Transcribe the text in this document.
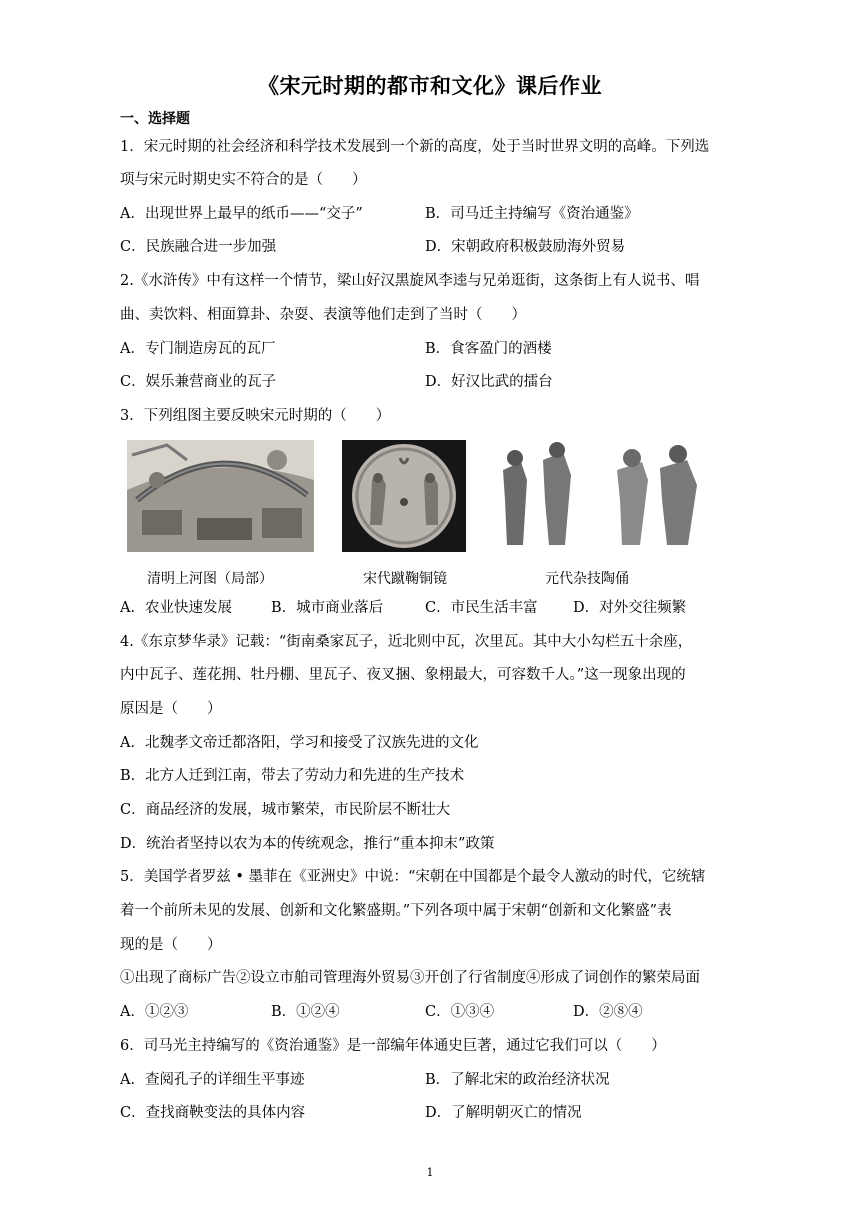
《宋元时期的都市和文化》课后作业
一、选择题
1．宋元时期的社会经济和科学技术发展到一个新的高度，处于当时世界文明的高峰。下列选
项与宋元时期史实不符合的是（　　）
A．出现世界上最早的纸币——“交子”	B．司马迁主持编写《资治通鉴》
C．民族融合进一步加强	D．宋朝政府积极鼓励海外贸易
2.《水浒传》中有这样一个情节，梁山好汉黑旋风李逵与兄弟逛街，这条街上有人说书、唱
曲、卖饮料、相面算卦、杂耍、表演等他们走到了当时（　　）
A．专门制造房瓦的瓦厂	B．食客盈门的酒楼
C．娱乐兼营商业的瓦子	D．好汉比武的擂台
3．下列组图主要反映宋元时期的（　　）
清明上河图（局部）	宋代蹴鞠铜镜	元代杂技陶俑
A．农业快速发展	B．城市商业落后	C．市民生活丰富 D．对外交往频繁
4.《东京梦华录》记载：“街南桑家瓦子，近北则中瓦，次里瓦。其中大小勾栏五十余座，
内中瓦子、莲花拥、牡丹棚、里瓦子、夜叉捆、象栩最大，可容数千人。”这一现象出现的
原因是（　　）
A．北魏孝文帝迁都洛阳，学习和接受了汉族先进的文化
B．北方人迁到江南，带去了劳动力和先进的生产技术
C．商品经济的发展，城市繁荣，市民阶层不断壮大
D．统治者坚持以农为本的传统观念，推行“重本抑末”政策
5．美国学者罗兹 • 墨菲在《亚洲史》中说：“宋朝在中国都是个最令人激动的时代，它统辖
着一个前所未见的发展、创新和文化繁盛期。”下列各项中属于宋朝“创新和文化繁盛”表
现的是（　　）
①出现了商标广告②设立市舶司管理海外贸易③开创了行省制度④形成了词创作的繁荣局面
A．①②③	B．①②④	C．①③④	D．②⑧④
6．司马光主持编写的《资治通鉴》是一部编年体通史巨著，通过它我们可以（　　）
A．查阅孔子的详细生平事迹	B．了解北宋的政治经济状况
C．查找商鞅变法的具体内容	D．了解明朝灭亡的情况
1
